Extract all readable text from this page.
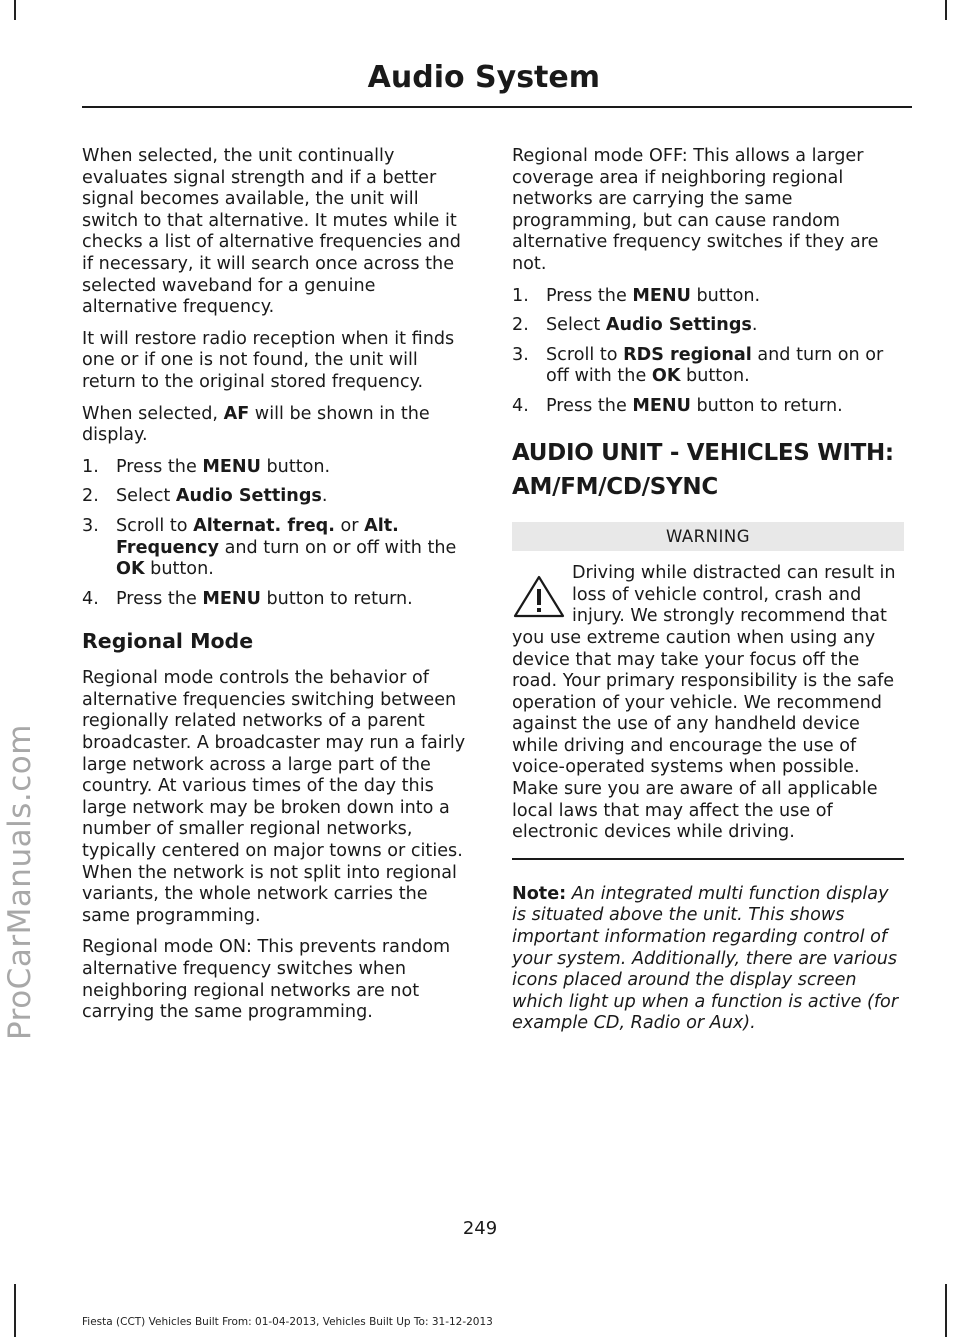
ProCarManuals.com
Audio System

When selected, the unit continually evaluates signal strength and if a better signal becomes available, the unit will switch to that alternative. It mutes while it checks a list of alternative frequencies and if necessary, it will search once across the selected waveband for a genuine alternative frequency.

It will restore radio reception when it finds one or if one is not found, the unit will return to the original stored frequency.

When selected, AF will be shown in the display.

1. Press the MENU button.
2. Select Audio Settings.
3. Scroll to Alternat. freq. or Alt. Frequency and turn on or off with the OK button.
4. Press the MENU button to return.
Regional Mode

Regional mode controls the behavior of alternative frequencies switching between regionally related networks of a parent broadcaster. A broadcaster may run a fairly large network across a large part of the country. At various times of the day this large network may be broken down into a number of smaller regional networks, typically centered on major towns or cities. When the network is not split into regional variants, the whole network carries the same programming.

Regional mode ON: This prevents random alternative frequency switches when neighboring regional networks are not carrying the same programming.

Regional mode OFF: This allows a larger coverage area if neighboring regional networks are carrying the same programming, but can cause random alternative frequency switches if they are not.

1. Press the MENU button.
2. Select Audio Settings.
3. Scroll to RDS regional and turn on or off with the OK button.
4. Press the MENU button to return.
AUDIO UNIT - VEHICLES WITH:
AM/FM/CD/SYNC
WARNING
Driving while distracted can result in loss of vehicle control, crash and injury. We strongly recommend that you use extreme caution when using any device that may take your focus off the road. Your primary responsibility is the safe operation of your vehicle. We recommend against the use of any handheld device while driving and encourage the use of voice-operated systems when possible. Make sure you are aware of all applicable local laws that may affect the use of electronic devices while driving.
Note: An integrated multi function display is situated above the unit. This shows important information regarding control of your system. Additionally, there are various icons placed around the display screen which light up when a function is active (for example CD, Radio or Aux).
249
Fiesta (CCT) Vehicles Built From: 01-04-2013, Vehicles Built Up To: 31-12-2013
